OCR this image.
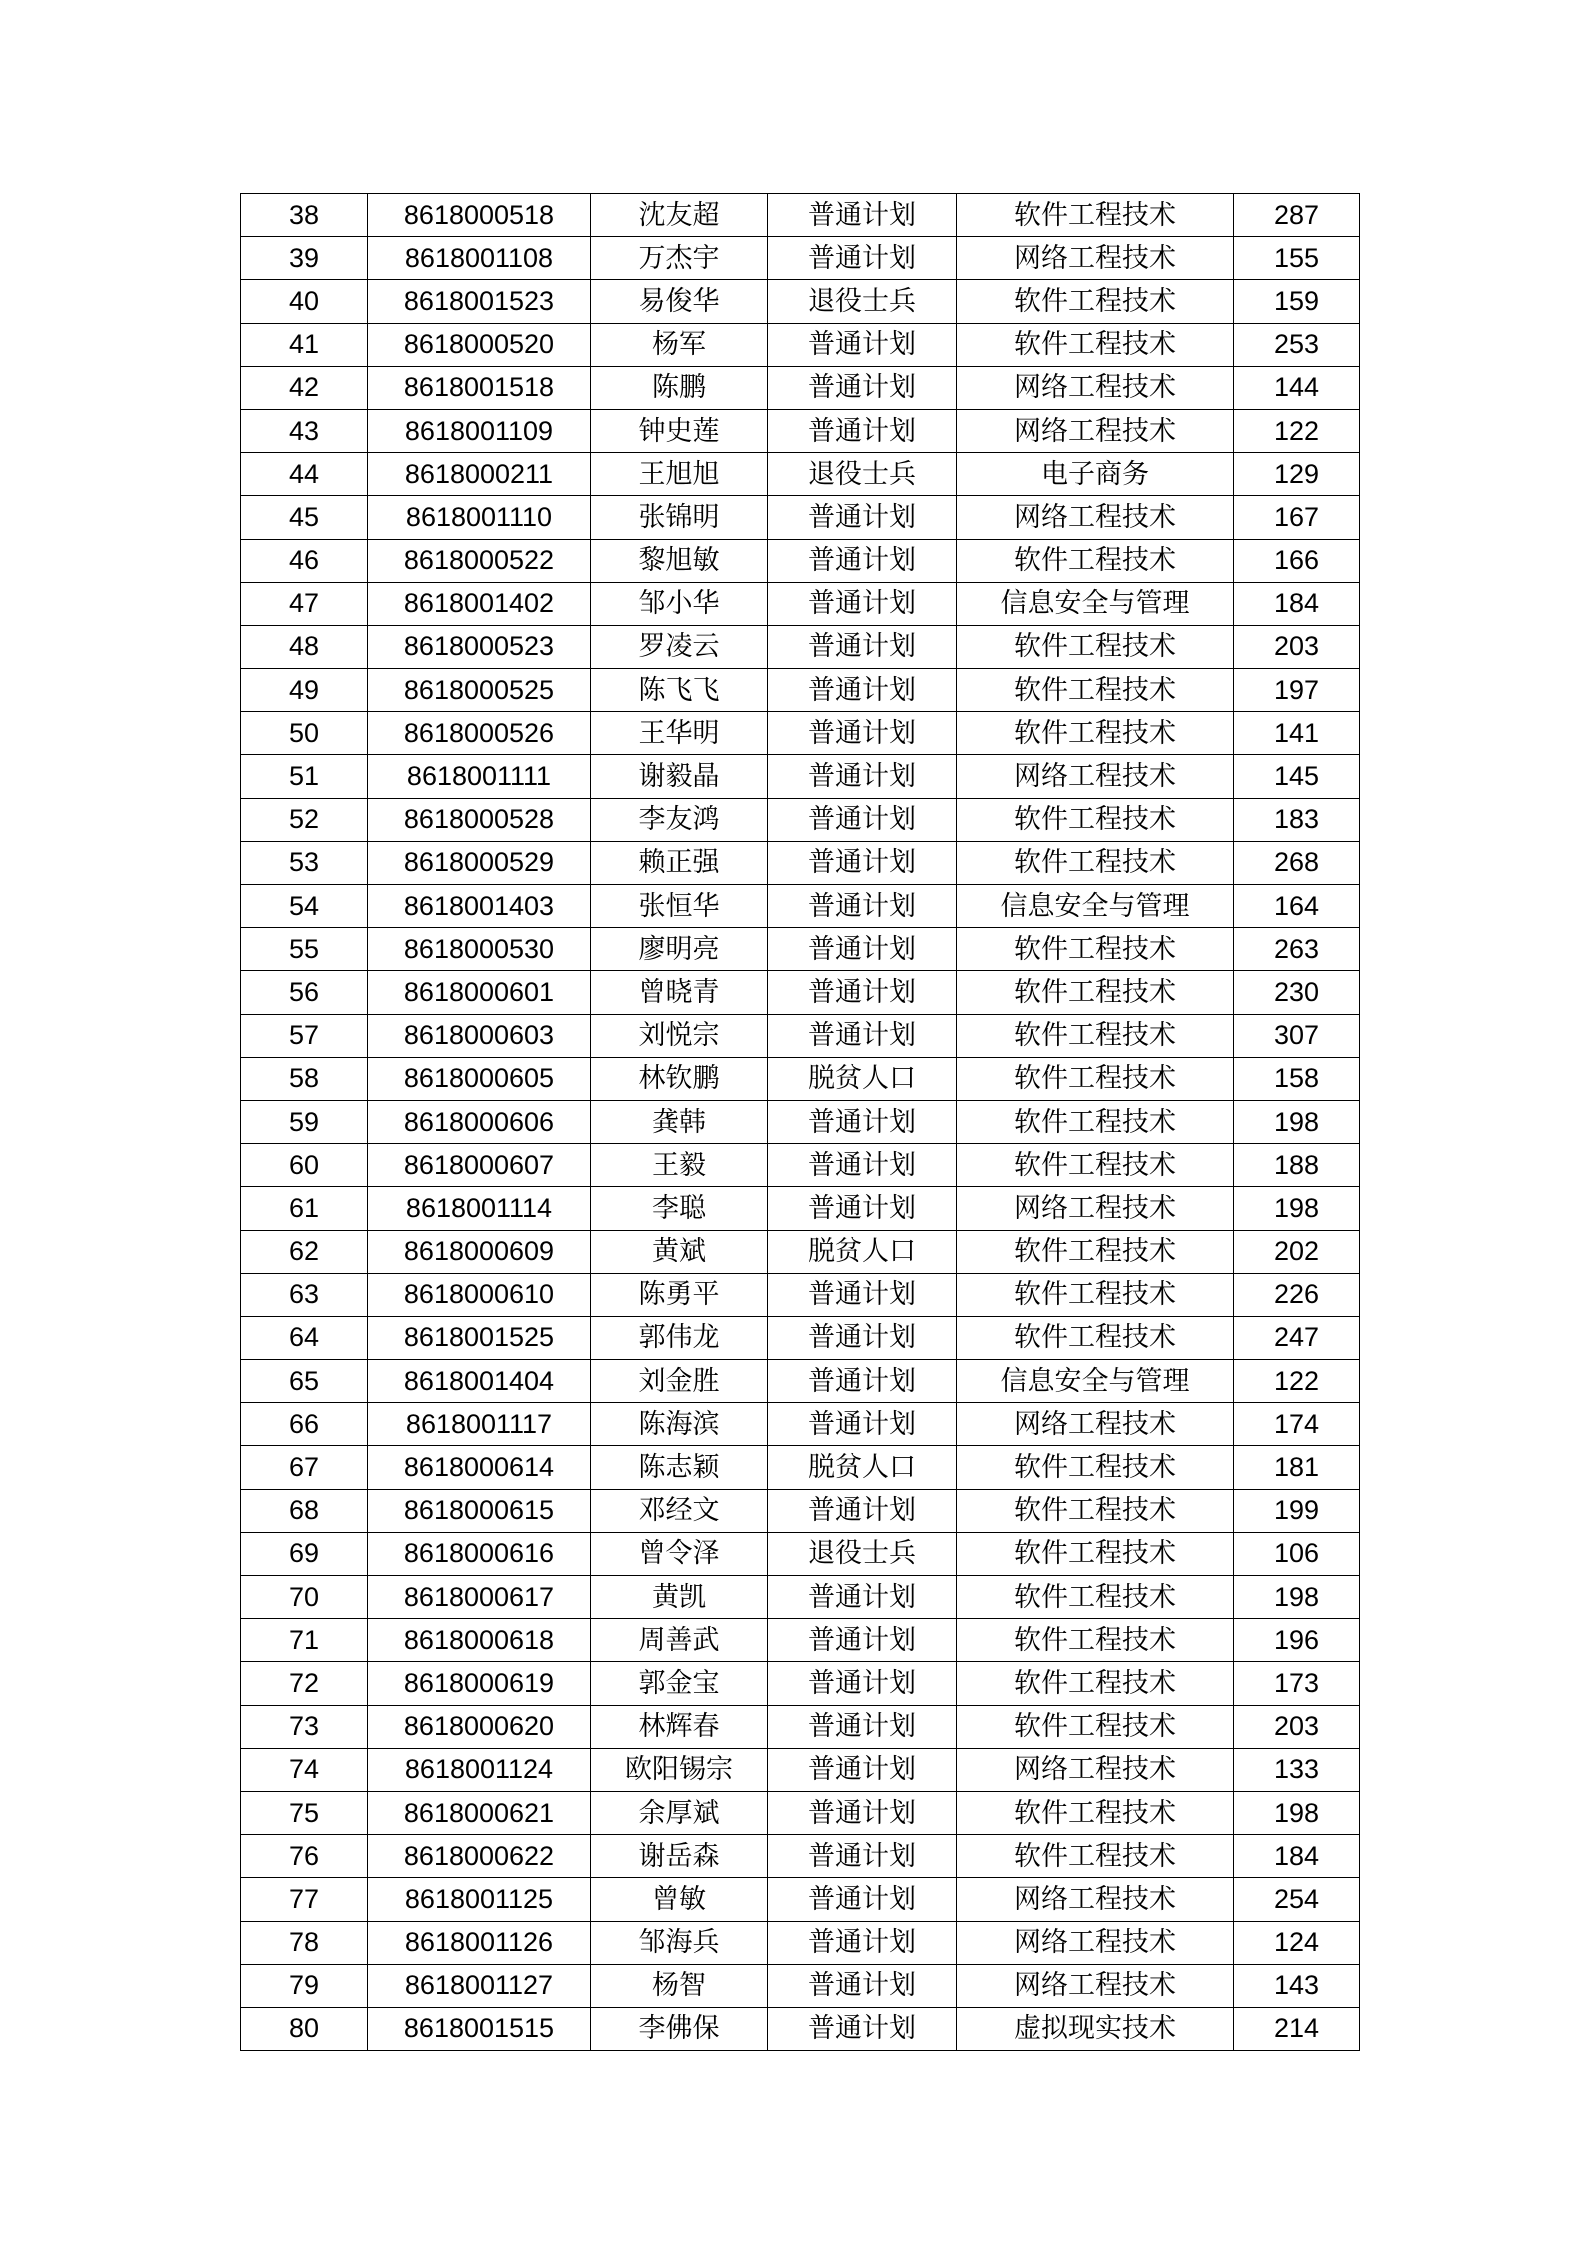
38	8618000518	沈友超	普通计划	软件工程技术	287
39	8618001108	万杰宇	普通计划	网络工程技术	155
40	8618001523	易俊华	退役士兵	软件工程技术	159
41	8618000520	杨军	普通计划	软件工程技术	253
42	8618001518	陈鹏	普通计划	网络工程技术	144
43	8618001109	钟史莲	普通计划	网络工程技术	122
44	8618000211	王旭旭	退役士兵	电子商务	129
45	8618001110	张锦明	普通计划	网络工程技术	167
46	8618000522	黎旭敏	普通计划	软件工程技术	166
47	8618001402	邹小华	普通计划	信息安全与管理	184
48	8618000523	罗凌云	普通计划	软件工程技术	203
49	8618000525	陈飞飞	普通计划	软件工程技术	197
50	8618000526	王华明	普通计划	软件工程技术	141
51	8618001111	谢毅晶	普通计划	网络工程技术	145
52	8618000528	李友鸿	普通计划	软件工程技术	183
53	8618000529	赖正强	普通计划	软件工程技术	268
54	8618001403	张恒华	普通计划	信息安全与管理	164
55	8618000530	廖明亮	普通计划	软件工程技术	263
56	8618000601	曾晓青	普通计划	软件工程技术	230
57	8618000603	刘悦宗	普通计划	软件工程技术	307
58	8618000605	林钦鹏	脱贫人口	软件工程技术	158
59	8618000606	龚韩	普通计划	软件工程技术	198
60	8618000607	王毅	普通计划	软件工程技术	188
61	8618001114	李聪	普通计划	网络工程技术	198
62	8618000609	黄斌	脱贫人口	软件工程技术	202
63	8618000610	陈勇平	普通计划	软件工程技术	226
64	8618001525	郭伟龙	普通计划	软件工程技术	247
65	8618001404	刘金胜	普通计划	信息安全与管理	122
66	8618001117	陈海滨	普通计划	网络工程技术	174
67	8618000614	陈志颖	脱贫人口	软件工程技术	181
68	8618000615	邓经文	普通计划	软件工程技术	199
69	8618000616	曾令泽	退役士兵	软件工程技术	106
70	8618000617	黄凯	普通计划	软件工程技术	198
71	8618000618	周善武	普通计划	软件工程技术	196
72	8618000619	郭金宝	普通计划	软件工程技术	173
73	8618000620	林辉春	普通计划	软件工程技术	203
74	8618001124	欧阳锡宗	普通计划	网络工程技术	133
75	8618000621	余厚斌	普通计划	软件工程技术	198
76	8618000622	谢岳森	普通计划	软件工程技术	184
77	8618001125	曾敏	普通计划	网络工程技术	254
78	8618001126	邹海兵	普通计划	网络工程技术	124
79	8618001127	杨智	普通计划	网络工程技术	143
80	8618001515	李佛保	普通计划	虚拟现实技术	214
